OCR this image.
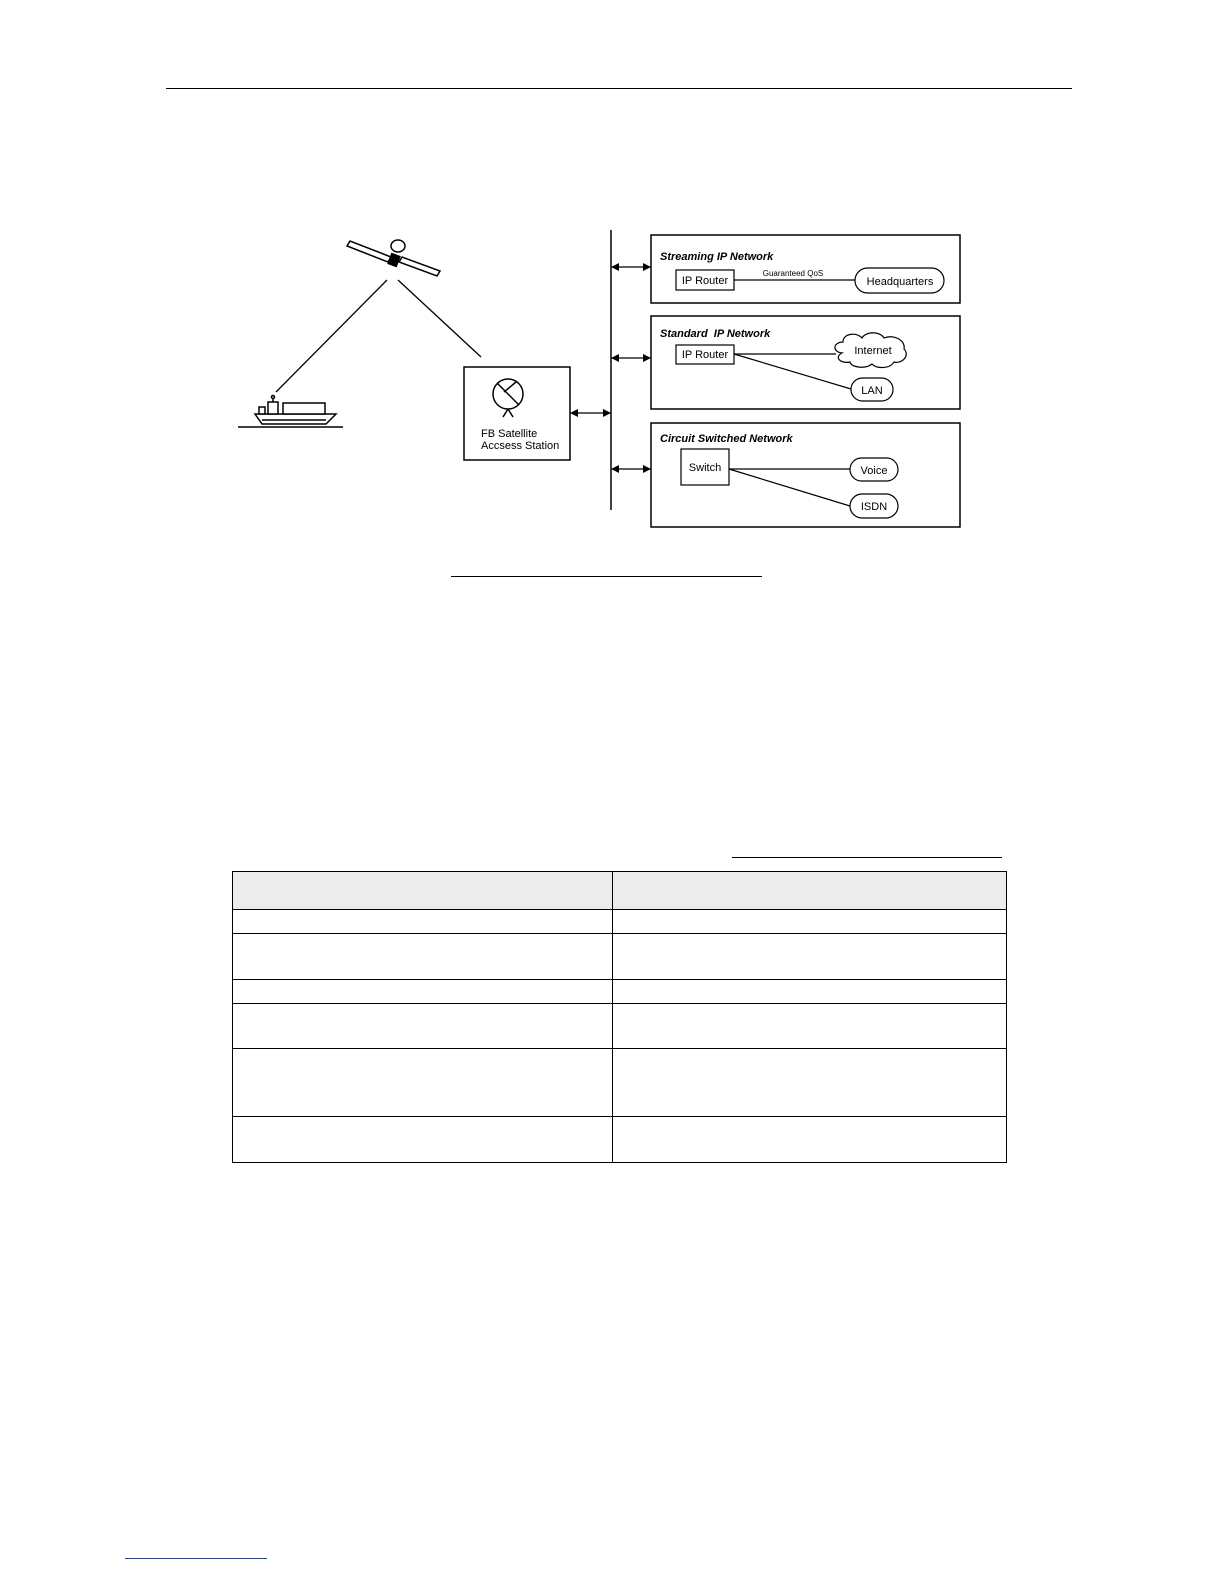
FB Satellite
Accsess Station
Streaming IP Network
IP Router
Guaranteed QoS
Headquarters
Standard  IP Network
IP Router	Internet
LAN
Circuit Switched Network
Switch	Voice
ISDN
